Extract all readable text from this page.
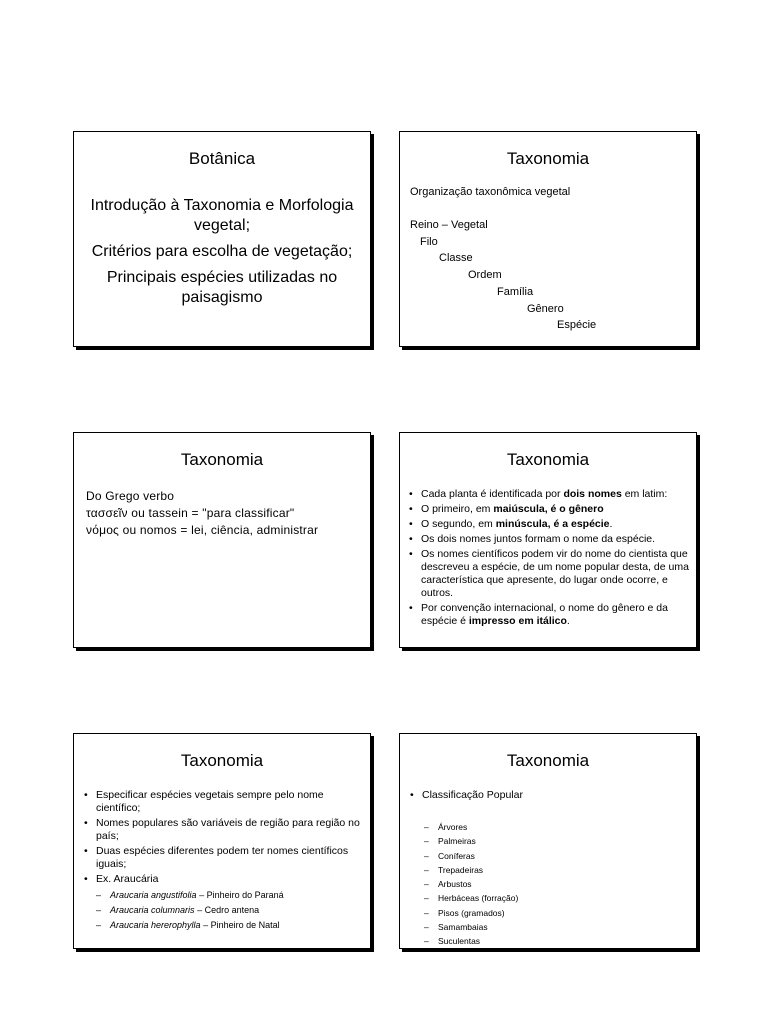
Botânica

Introdução à Taxonomia e Morfologia vegetal;

Critérios para escolha de vegetação;

Principais espécies utilizadas no paisagismo

Taxonomia
Organização taxonômica vegetal
Reino – Vegetal
Filo
Classe
Ordem
Família
Gênero
Espécie
Taxonomia
Do Grego verbo
τασσεῖν ou tassein = "para classificar"
νόμος ou nomos = lei, ciência, administrar
Taxonomia
• Cada planta é identificada por dois nomes em latim:
• O primeiro, em maiúscula, é o gênero
• O segundo, em minúscula, é a espécie.
• Os dois nomes juntos formam o nome da espécie.
• Os nomes científicos podem vir do nome do cientista que descreveu a espécie, de um nome popular desta, de uma característica que apresente, do lugar onde ocorre, e outros.
• Por convenção internacional, o nome do gênero e da espécie é impresso em itálico.
Taxonomia
• Especificar espécies vegetais sempre pelo nome científico;
• Nomes populares são variáveis de região para região no país;
• Duas espécies diferentes podem ter nomes científicos iguais;
• Ex. Araucária
– Araucaria angustifolia – Pinheiro do Paraná
– Araucaria columnaris – Cedro antena
– Araucaria hererophylla – Pinheiro de Natal
Taxonomia
• Classificação Popular
– Árvores
– Palmeiras
– Coníferas
– Trepadeiras
– Arbustos
– Herbáceas (forração)
– Pisos (gramados)
– Samambaias
– Suculentas
